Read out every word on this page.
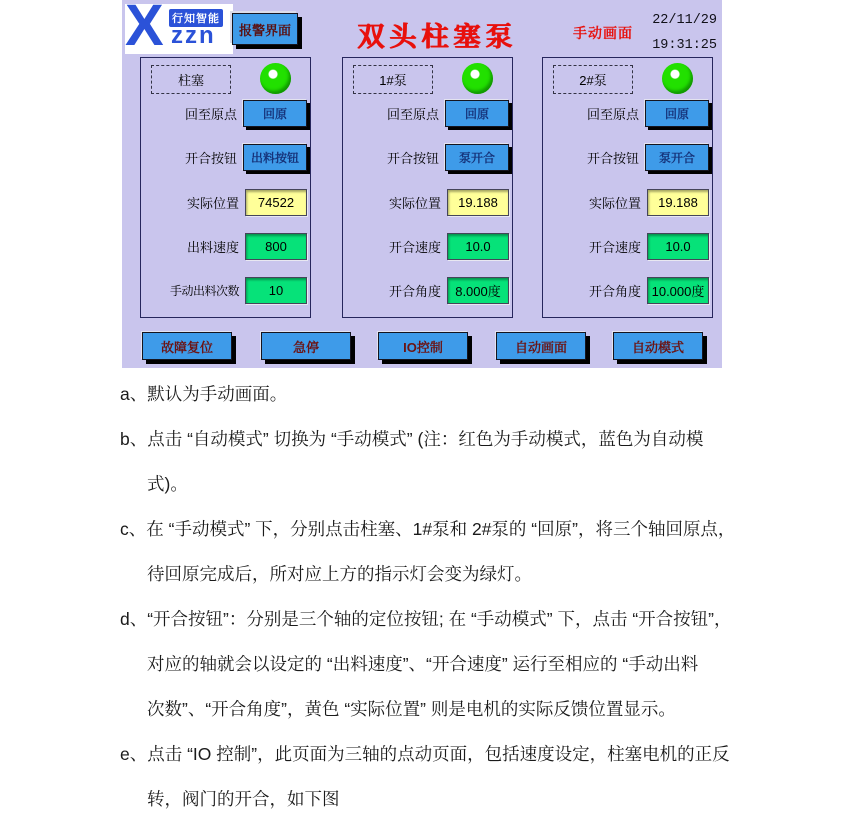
X 行知智能
zzn	报警界面	双头柱塞泵	手动画面
22/11/29
19:31:25
柱塞
回至原点	回原
开合按钮	出料按钮
实际位置	74522
出料速度	800
手动出料次数	10
1#泵
回至原点	回原
开合按钮	泵开合
实际位置	19.188
开合速度	10.0
开合角度	8.000度
2#泵
回至原点	回原
开合按钮	泵开合
实际位置	19.188
开合速度	10.0
开合角度 10.000度
故障复位	急停	IO控制	自动画面	自动模式
a、默认为手动画面。
b、点击 “自动模式” 切换为 “手动模式” (注：红色为手动模式，蓝色为自动模
式)。
c、在 “手动模式” 下，分别点击柱塞、1#泵和 2#泵的 “回原”，将三个轴回原点，
待回原完成后，所对应上方的指示灯会变为绿灯。
d、“开合按钮”：分别是三个轴的定位按钮; 在 “手动模式” 下，点击 “开合按钮”，
对应的轴就会以设定的 “出料速度”、“开合速度” 运行至相应的 “手动出料
次数”、“开合角度”，黄色 “实际位置” 则是电机的实际反馈位置显示。
e、点击 “IO 控制”，此页面为三轴的点动页面，包括速度设定，柱塞电机的正反
转，阀门的开合，如下图
